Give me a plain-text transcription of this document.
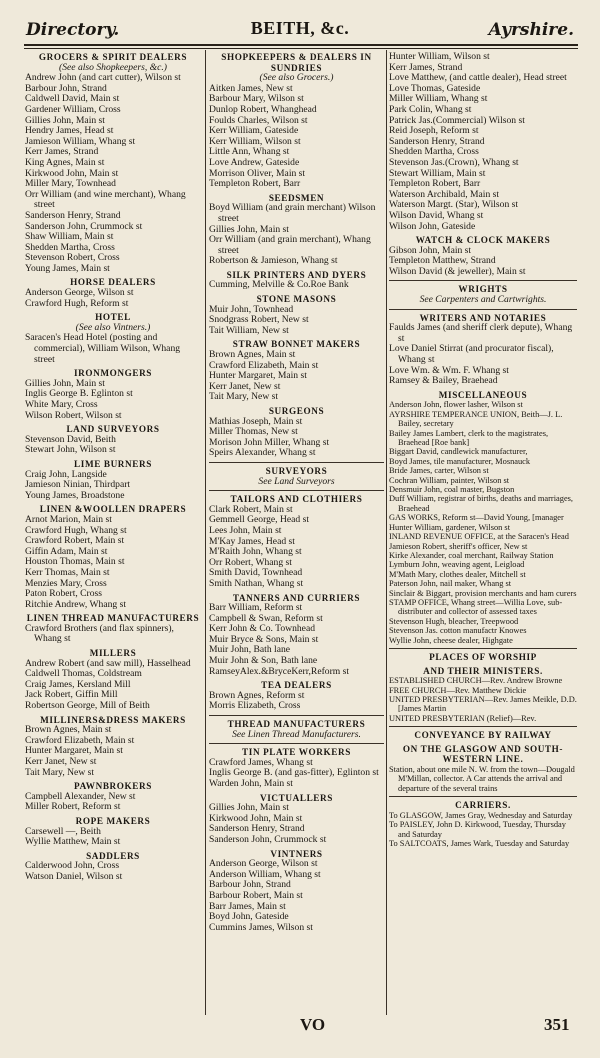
Directory.	BEITH, &c.	Ayrshire.
GROCERS & SPIRIT DEALERS
(See also Shopkeepers, &c.)
Andrew John (and cart cutter), Wilson st
Barbour John, Strand
Caldwell David, Main st
Gardener William, Cross
Gillies John, Main st
Hendry James, Head st
Jamieson William, Whang st
Kerr James, Strand
King Agnes, Main st
Kirkwood John, Main st
Miller Mary, Townhead
Orr William (and wine merchant), Whang street
Sanderson Henry, Strand
Sanderson John, Crummock st
Shaw William, Main st
Shedden Martha, Cross
Stevenson Robert, Cross
Young James, Main st
HORSE DEALERS
Anderson George, Wilson st
Crawford Hugh, Reform st
HOTEL
(See also Vintners.)
Saracen's Head Hotel (posting and commercial), William Wilson, Whang street
IRONMONGERS
Gillies John, Main st
Inglis George B. Eglinton st
White Mary, Cross
Wilson Robert, Wilson st
LAND SURVEYORS
Stevenson David, Beith
Stewart John, Wilson st
LIME BURNERS
Craig John, Langside
Jamieson Ninian, Thirdpart
Young James, Broadstone
LINEN &WOOLLEN DRAPERS
Arnot Marion, Main st
Crawford Hugh, Whang st
Crawford Robert, Main st
Giffin Adam, Main st
Houston Thomas, Main st
Kerr Thomas, Main st
Menzies Mary, Cross
Paton Robert, Cross
Ritchie Andrew, Whang st
LINEN THREAD MANUFACTURERS
Crawford Brothers (and flax spinners), Whang st
MILLERS
Andrew Robert (and saw mill), Hasselhead
Caldwell Thomas, Coldstream
Craig James, Kersland Mill
Jack Robert, Giffin Mill
Robertson George, Mill of Beith
MILLINERS&DRESS MAKERS
Brown Agnes, Main st
Crawford Elizabeth, Main st
Hunter Margaret, Main st
Kerr Janet, New st
Tait Mary, New st
PAWNBROKERS
Campbell Alexander, New st
Miller Robert, Reform st
ROPE MAKERS
Carsewell —, Beith
Wyllie Matthew, Main st
SADDLERS
Calderwood John, Cross
Watson Daniel, Wilson st
SHOPKEEPERS & DEALERS IN SUNDRIES
(See also Grocers.)
Aitken James, New st
Barbour Mary, Wilson st
Dunlop Robert, Whanghead
Foulds Charles, Wilson st
Kerr William, Gateside
Kerr William, Wilson st
Little Ann, Whang st
Love Andrew, Gateside
Morrison Oliver, Main st
Templeton Robert, Barr
SEEDSMEN
Boyd William (and grain merchant) Wilson street
Gillies John, Main st
Orr William (and grain merchant), Whang street
Robertson & Jamieson, Whang st
SILK PRINTERS AND DYERS
Cumming, Melville & Co.Roe Bank
STONE MASONS
Muir John, Townhead
Snodgrass Robert, New st
Tait William, New st
STRAW BONNET MAKERS
Brown Agnes, Main st
Crawford Elizabeth, Main st
Hunter Margaret, Main st
Kerr Janet, New st
Tait Mary, New st
SURGEONS
Mathias Joseph, Main st
Miller Thomas, New st
Morison John Miller, Whang st
Speirs Alexander, Whang st
SURVEYORS
See Land Surveyors
TAILORS AND CLOTHIERS
Clark Robert, Main st
Gemmell George, Head st
Lees John, Main st
M'Kay James, Head st
M'Raith John, Whang st
Orr Robert, Whang st
Smith David, Townhead
Smith Nathan, Whang st
TANNERS AND CURRIERS
Barr William, Reform st
Campbell & Swan, Reform st
Kerr John & Co. Townhead
Muir Bryce & Sons, Main st
Muir John, Bath lane
Muir John & Son, Bath lane
RamseyAlex.&BryceKerr,Reform st
TEA DEALERS
Brown Agnes, Reform st
Morris Elizabeth, Cross
THREAD MANUFACTURERS
See Linen Thread Manufacturers.
TIN PLATE WORKERS
Crawford James, Whang st
Inglis George B. (and gas-fitter), Eglinton st
Warden John, Main st
VICTUALLERS
Gillies John, Main st
Kirkwood John, Main st
Sanderson Henry, Strand
Sanderson John, Crummock st
VINTNERS
Anderson George, Wilson st
Anderson William, Whang st
Barbour John, Strand
Barbour Robert, Main st
Barr James, Main st
Boyd John, Gateside
Cummins James, Wilson st
Hunter William, Wilson st
Kerr James, Strand
Love Matthew, (and cattle dealer), Head street
Love Thomas, Gateside
Miller William, Whang st
Park Colin, Whang st
Patrick Jas.(Commercial) Wilson st
Reid Joseph, Reform st
Sanderson Henry, Strand
Shedden Martha, Cross
Stevenson Jas.(Crown), Whang st
Stewart William, Main st
Templeton Robert, Barr
Waterson Archibald, Main st
Waterson Margt. (Star), Wilson st
Wilson David, Whang st
Wilson John, Gateside
WATCH & CLOCK MAKERS
Gibson John, Main st
Templeton Matthew, Strand
Wilson David (& jeweller), Main st
WRIGHTS
See Carpenters and Cartwrights.
WRITERS AND NOTARIES
Faulds James (and sheriff clerk depute), Whang st
Love Daniel Stirrat (and procurator fiscal), Whang st
Love Wm. & Wm. F. Whang st
Ramsey & Bailey, Braehead
MISCELLANEOUS
Anderson John, flower lasher, Wilson st
AYRSHIRE TEMPERANCE UNION, Beith—J. L. Bailey, secretary
Bailey James Lambert, clerk to the magistrates, Braehead [Roe bank]
Biggart David, candlewick manufacturer,
Boyd James, tile manufacturer, Mosnauck
Bride James, carter, Wilson st
Cochran William, painter, Wilson st
Densmuir John, coal master, Bugston
Duff William, registrar of births, deaths and marriages, Braehead
GAS WORKS, Reform st—David Young, [manager
Hunter William, gardener, Wilson st
INLAND REVENUE OFFICE, at the Saracen's Head
Jamieson Robert, sheriff's officer, New st
Kirke Alexander, coal merchant, Railway Station
Lymburn John, weaving agent, Leigload
M'Math Mary, clothes dealer, Mitchell st
Paterson John, nail maker, Whang st
Sinclair & Biggart, provision merchants and ham curers
STAMP OFFICE, Whang street—Willia Love, sub-distributer and collector of assessed taxes
Stevenson Hugh, bleacher, Treepwood
Stevenson Jas. cotton manufactr Knowes
Wyllie John, cheese dealer, Highgate
PLACES OF WORSHIP
AND THEIR MINISTERS.
ESTABLISHED CHURCH—Rev. Andrew Browne
FREE CHURCH—Rev. Matthew Dickie
UNITED PRESBYTERIAN—Rev. James Meikle, D.D. [James Martin
UNITED PRESBYTERIAN (Relief)—Rev.
CONVEYANCE BY RAILWAY
ON THE GLASGOW AND SOUTH-WESTERN LINE.
Station, about one mile N. W. from the town—Dougald M'Millan, collector. A Car attends the arrival and departure of the several trains
CARRIERS.
To GLASGOW, James Gray, Wednesday and Saturday
To PAISLEY, John D. Kirkwood, Tuesday, Thursday and Saturday
To SALTCOATS, James Wark, Tuesday and Saturday
VO	351
